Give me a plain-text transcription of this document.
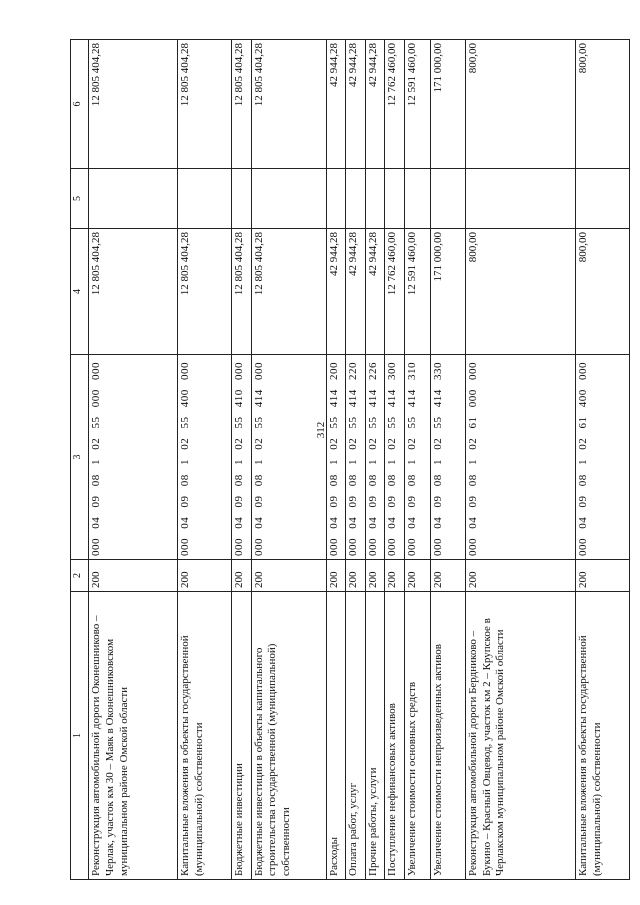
312
1	2	3	4	5	6
Реконструкция автомобильной дороги Оконешниково – Черлак, участок км 30 – Маяк в Оконешниковском муниципальном районе Омской области	200	000 04 09 08 1 02 55 000 000	12 805 404,28		12 805 404,28
Капитальные вложения в объекты государственной (муниципальной) собственности	200	000 04 09 08 1 02 55 400 000	12 805 404,28		12 805 404,28
Бюджетные инвестиции	200	000 04 09 08 1 02 55 410 000	12 805 404,28		12 805 404,28
Бюджетные инвестиции в объекты капитального строительства государственной (муниципальной) собственности	200	000 04 09 08 1 02 55 414 000	12 805 404,28		12 805 404,28
Расходы	200	000 04 09 08 1 02 55 414 200	42 944,28		42 944,28
Оплата работ, услуг	200	000 04 09 08 1 02 55 414 220	42 944,28		42 944,28
Прочие работы, услуги	200	000 04 09 08 1 02 55 414 226	42 944,28		42 944,28
Поступление нефинансовых активов	200	000 04 09 08 1 02 55 414 300	12 762 460,00		12 762 460,00
Увеличение стоимости основных средств	200	000 04 09 08 1 02 55 414 310	12 591 460,00		12 591 460,00
Увеличение стоимости непроизведенных активов	200	000 04 09 08 1 02 55 414 330	171 000,00		171 000,00
Реконструкция автомобильной дороги Бердниково – Букино – Красный Овцевод, участок км 2 – Крупское в Черлакском муниципальном районе Омской области	200	000 04 09 08 1 02 61 000 000	800,00		800,00
Капитальные вложения в объекты государственной (муниципальной) собственности	200	000 04 09 08 1 02 61 400 000	800,00		800,00
